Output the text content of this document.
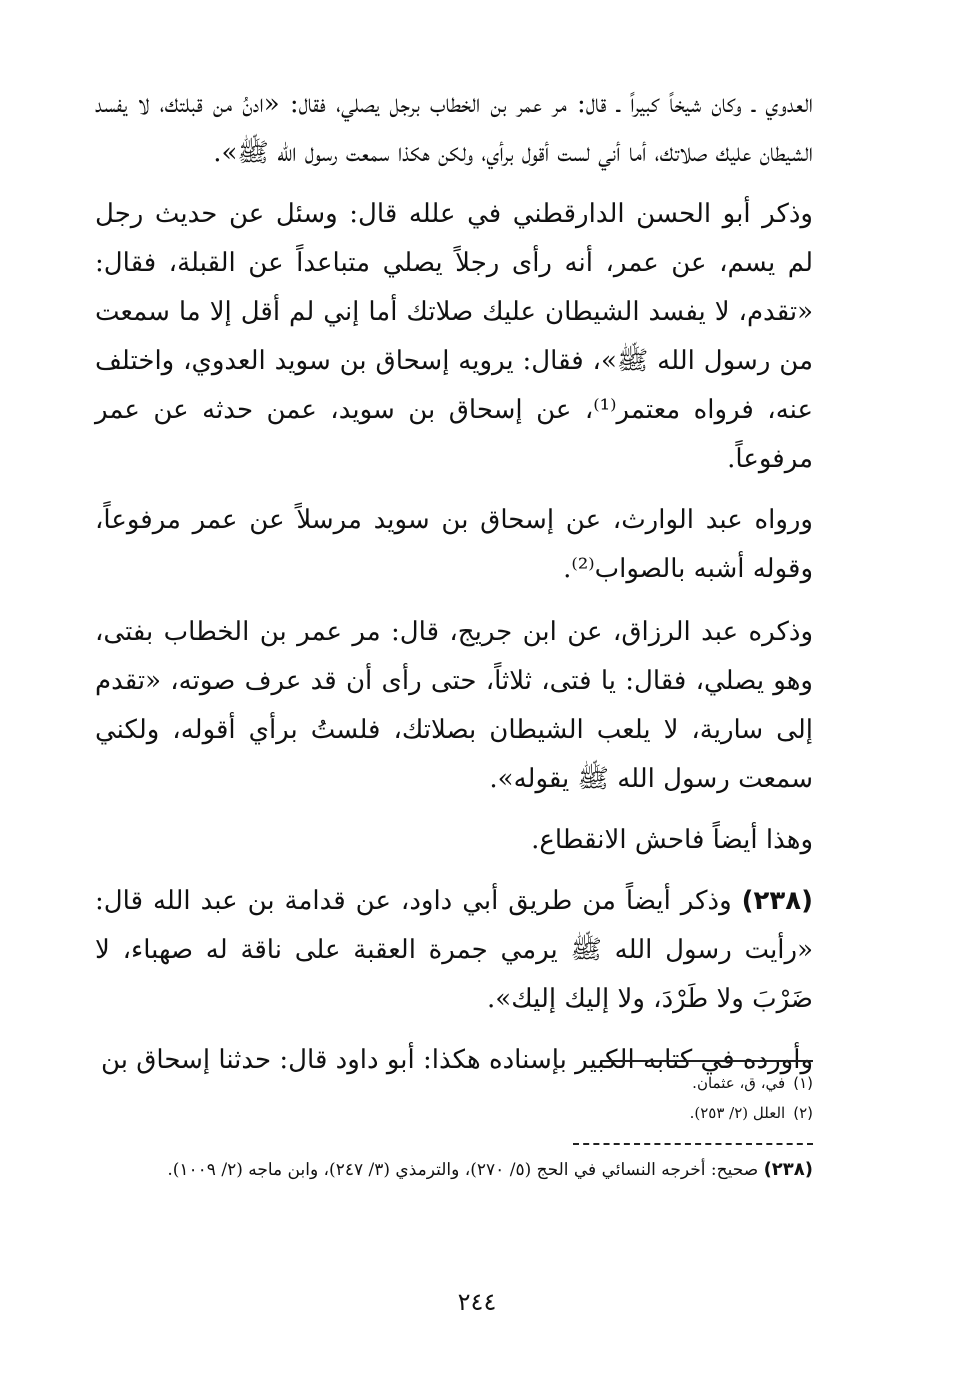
العدوي ـ وكان شيخاً كبيراً ـ قال: مر عمر بن الخطاب برجل يصلي، فقال: «ادنُ من قبلتك، لا يفسد الشيطان عليك صلاتك، أما أني لست أقول برأي، ولكن هكذا سمعت رسول الله ﷺ».

وذكر أبو الحسن الدارقطني في علله قال: وسئل عن حديث رجل لم يسم، عن عمر، أنه رأى رجلاً يصلي متباعداً عن القبلة، فقال: «تقدم، لا يفسد الشيطان عليك صلاتك أما إني لم أقل إلا ما سمعت من رسول الله ﷺ»، فقال: يرويه إسحاق بن سويد العدوي، واختلف عنه، فرواه معتمر⁽¹⁾، عن إسحاق بن سويد، عمن حدثه عن عمر مرفوعاً.

ورواه عبد الوارث، عن إسحاق بن سويد مرسلاً عن عمر مرفوعاً، وقوله أشبه بالصواب⁽²⁾.

وذكره عبد الرزاق، عن ابن جريج، قال: مر عمر بن الخطاب بفتى، وهو يصلي، فقال: يا فتى، ثلاثاً، حتى رأى أن قد عرف صوته، «تقدم إلى سارية، لا يلعب الشيطان بصلاتك، فلستُ برأي أقوله، ولكني سمعت رسول الله ﷺ يقوله».

وهذا أيضاً فاحش الانقطاع.

(٢٣٨) وذكر أيضاً من طريق أبي داود، عن قدامة بن عبد الله قال: «رأيت رسول الله ﷺ يرمي جمرة العقبة على ناقة له صهباء، لا ضَرْبَ ولا طَرْدَ، ولا إليك إليك».

وأورده في كتابه الكبير بإسناده هكذا: أبو داود قال: حدثنا إسحاق بن

(١)في، ق، عثمان.

(٢)العلل (٢/ ٢٥٣).

(٢٣٨) صحيح: أخرجه النسائي في الحج (٥/ ٢٧٠)، والترمذي (٣/ ٢٤٧)، وابن ماجه (٢/ ١٠٠٩).

٢٤٤
